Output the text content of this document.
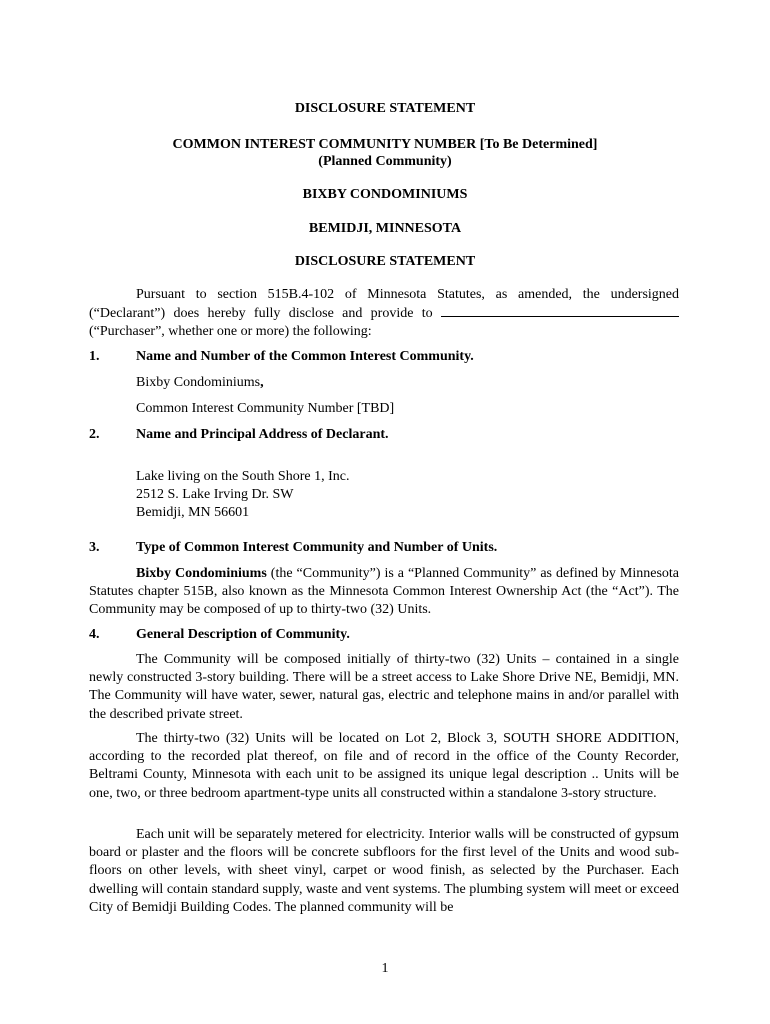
DISCLOSURE STATEMENT
COMMON INTEREST COMMUNITY NUMBER [To Be Determined]
(Planned Community)
BIXBY CONDOMINIUMS
BEMIDJI, MINNESOTA
DISCLOSURE STATEMENT
Pursuant to section 515B.4-102 of Minnesota Statutes, as amended, the undersigned (“Declarant”) does hereby fully disclose and provide to  (“Purchaser”, whether one or more) the following:
1.	Name and Number of the Common Interest Community.
Bixby Condominiums,
Common Interest Community Number [TBD]
2.	Name and Principal Address of Declarant.
Lake living on the South Shore 1, Inc.
2512 S. Lake Irving Dr. SW
Bemidji, MN 56601
3.	Type of Common Interest Community and Number of Units.
Bixby Condominiums (the “Community”) is a “Planned Community” as defined by Minnesota Statutes chapter 515B, also known as the Minnesota Common Interest Ownership Act (the “Act”). The Community may be composed of up to thirty-two (32) Units.
4.	General Description of Community.
The Community will be composed initially of thirty-two (32) Units – contained in a single newly constructed 3-story building. There will be a street access to Lake Shore Drive NE, Bemidji, MN. The Community will have water, sewer, natural gas, electric and telephone mains in and/or parallel with the described private street.
The thirty-two (32) Units will be located on Lot 2, Block 3, SOUTH SHORE ADDITION, according to the recorded plat thereof, on file and of record in the office of the County Recorder, Beltrami County, Minnesota with each unit to be assigned its unique legal description .. Units will be one, two, or three bedroom apartment-type units all constructed within a standalone 3-story structure.
Each unit will be separately metered for electricity. Interior walls will be constructed of gypsum board or plaster and the floors will be concrete subfloors for the first level of the Units and wood sub-floors on other levels, with sheet vinyl, carpet or wood finish, as selected by the Purchaser. Each dwelling will contain standard supply, waste and vent systems. The plumbing system will meet or exceed City of Bemidji Building Codes. The planned community will be
1
